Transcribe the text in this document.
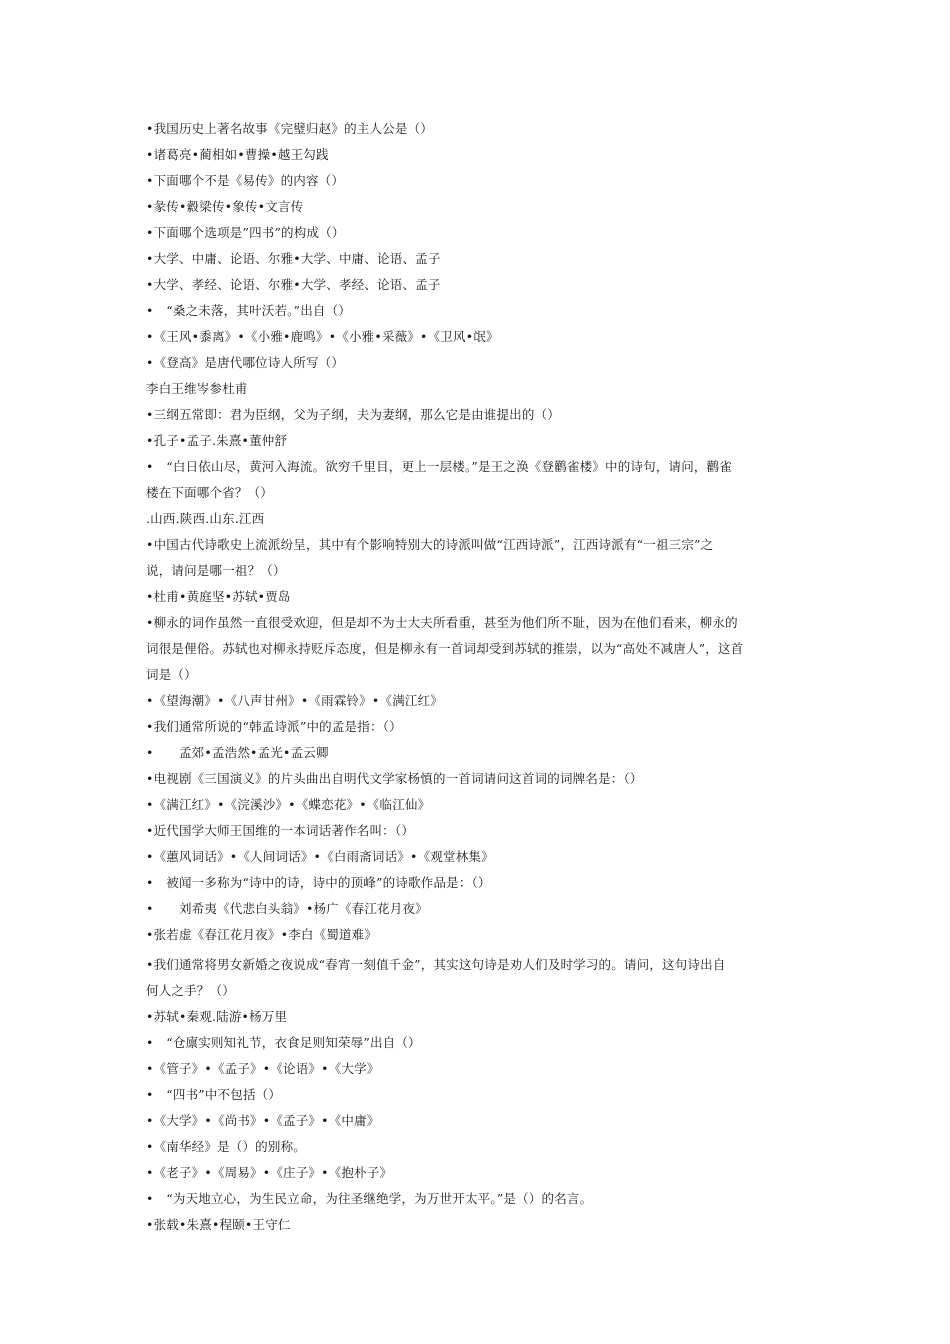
•我国历史上著名故事《完璧归赵》的主人公是（）
•诸葛亮•蔺相如•曹操•越王勾践
•下面哪个不是《易传》的内容（）
•彖传•縠梁传•象传•文言传
•下面哪个选项是”四书”的构成（）
•大学、中庸、论语、尔雅•大学、中庸、论语、孟子
•大学、孝经、论语、尔雅•大学、孝经、论语、孟子
•　“桑之未落，其叶沃若。”出自（）
•《王风•黍离》•《小雅•鹿鸣》•《小雅•采薇》•《卫风•氓》
•《登高》是唐代哪位诗人所写（）
李白王维岑参杜甫
•三纲五常即：君为臣纲，父为子纲，夫为妻纲，那么它是由谁提出的（）
•孔子•孟子.朱熹•董仲舒
•　“白日依山尽，黄河入海流。欲穷千里目，更上一层楼。”是王之涣《登鹳雀楼》中的诗句，请问，鹳雀
楼在下面哪个省？（）
.山西.陕西.山东.江西
•中国古代诗歌史上流派纷呈，其中有个影响特别大的诗派叫做“江西诗派”，江西诗派有“一祖三宗”之
说，请问是哪一祖？（）
•杜甫•黄庭坚•苏轼•贾岛
•柳永的词作虽然一直很受欢迎，但是却不为士大夫所看重，甚至为他们所不耻，因为在他们看来，柳永的
词很是俚俗。苏轼也对柳永持贬斥态度，但是柳永有一首词却受到苏轼的推崇，以为“高处不减唐人”，这首
词是（）
•《望海潮》•《八声甘州》•《雨霖铃》•《满江红》
•我们通常所说的“韩孟诗派”中的孟是指：（）
•　　孟郊•孟浩然•孟光•孟云卿
•电视剧《三国演义》的片头曲出自明代文学家杨慎的一首词请问这首词的词牌名是：（）
•《满江红》•《浣溪沙》•《蝶恋花》•《临江仙》
•近代国学大师王国维的一本词话著作名叫：（）
•《蕙风词话》•《人间词话》•《白雨斋词话》•《观堂林集》
•　被闻一多称为“诗中的诗，诗中的顶峰”的诗歌作品是：（）
•　　刘希夷《代悲白头翁》•杨广《春江花月夜》
•张若虚《春江花月夜》•李白《蜀道难》
•我们通常将男女新婚之夜说成“春宵一刻值千金”，其实这句诗是劝人们及时学习的。请问，这句诗出自
何人之手？（）
•苏轼•秦观.陆游•杨万里
•　“仓廪实则知礼节，衣食足则知荣辱”出自（）
•《管子》•《孟子》•《论语》•《大学》
•　“四书”中不包括（）
•《大学》•《尚书》•《孟子》•《中庸》
•《南华经》是（）的别称。
•《老子》•《周易》•《庄子》•《抱朴子》
•　“为天地立心，为生民立命，为往圣继绝学，为万世开太平。”是（）的名言。
•张载•朱熹•程颐•王守仁
